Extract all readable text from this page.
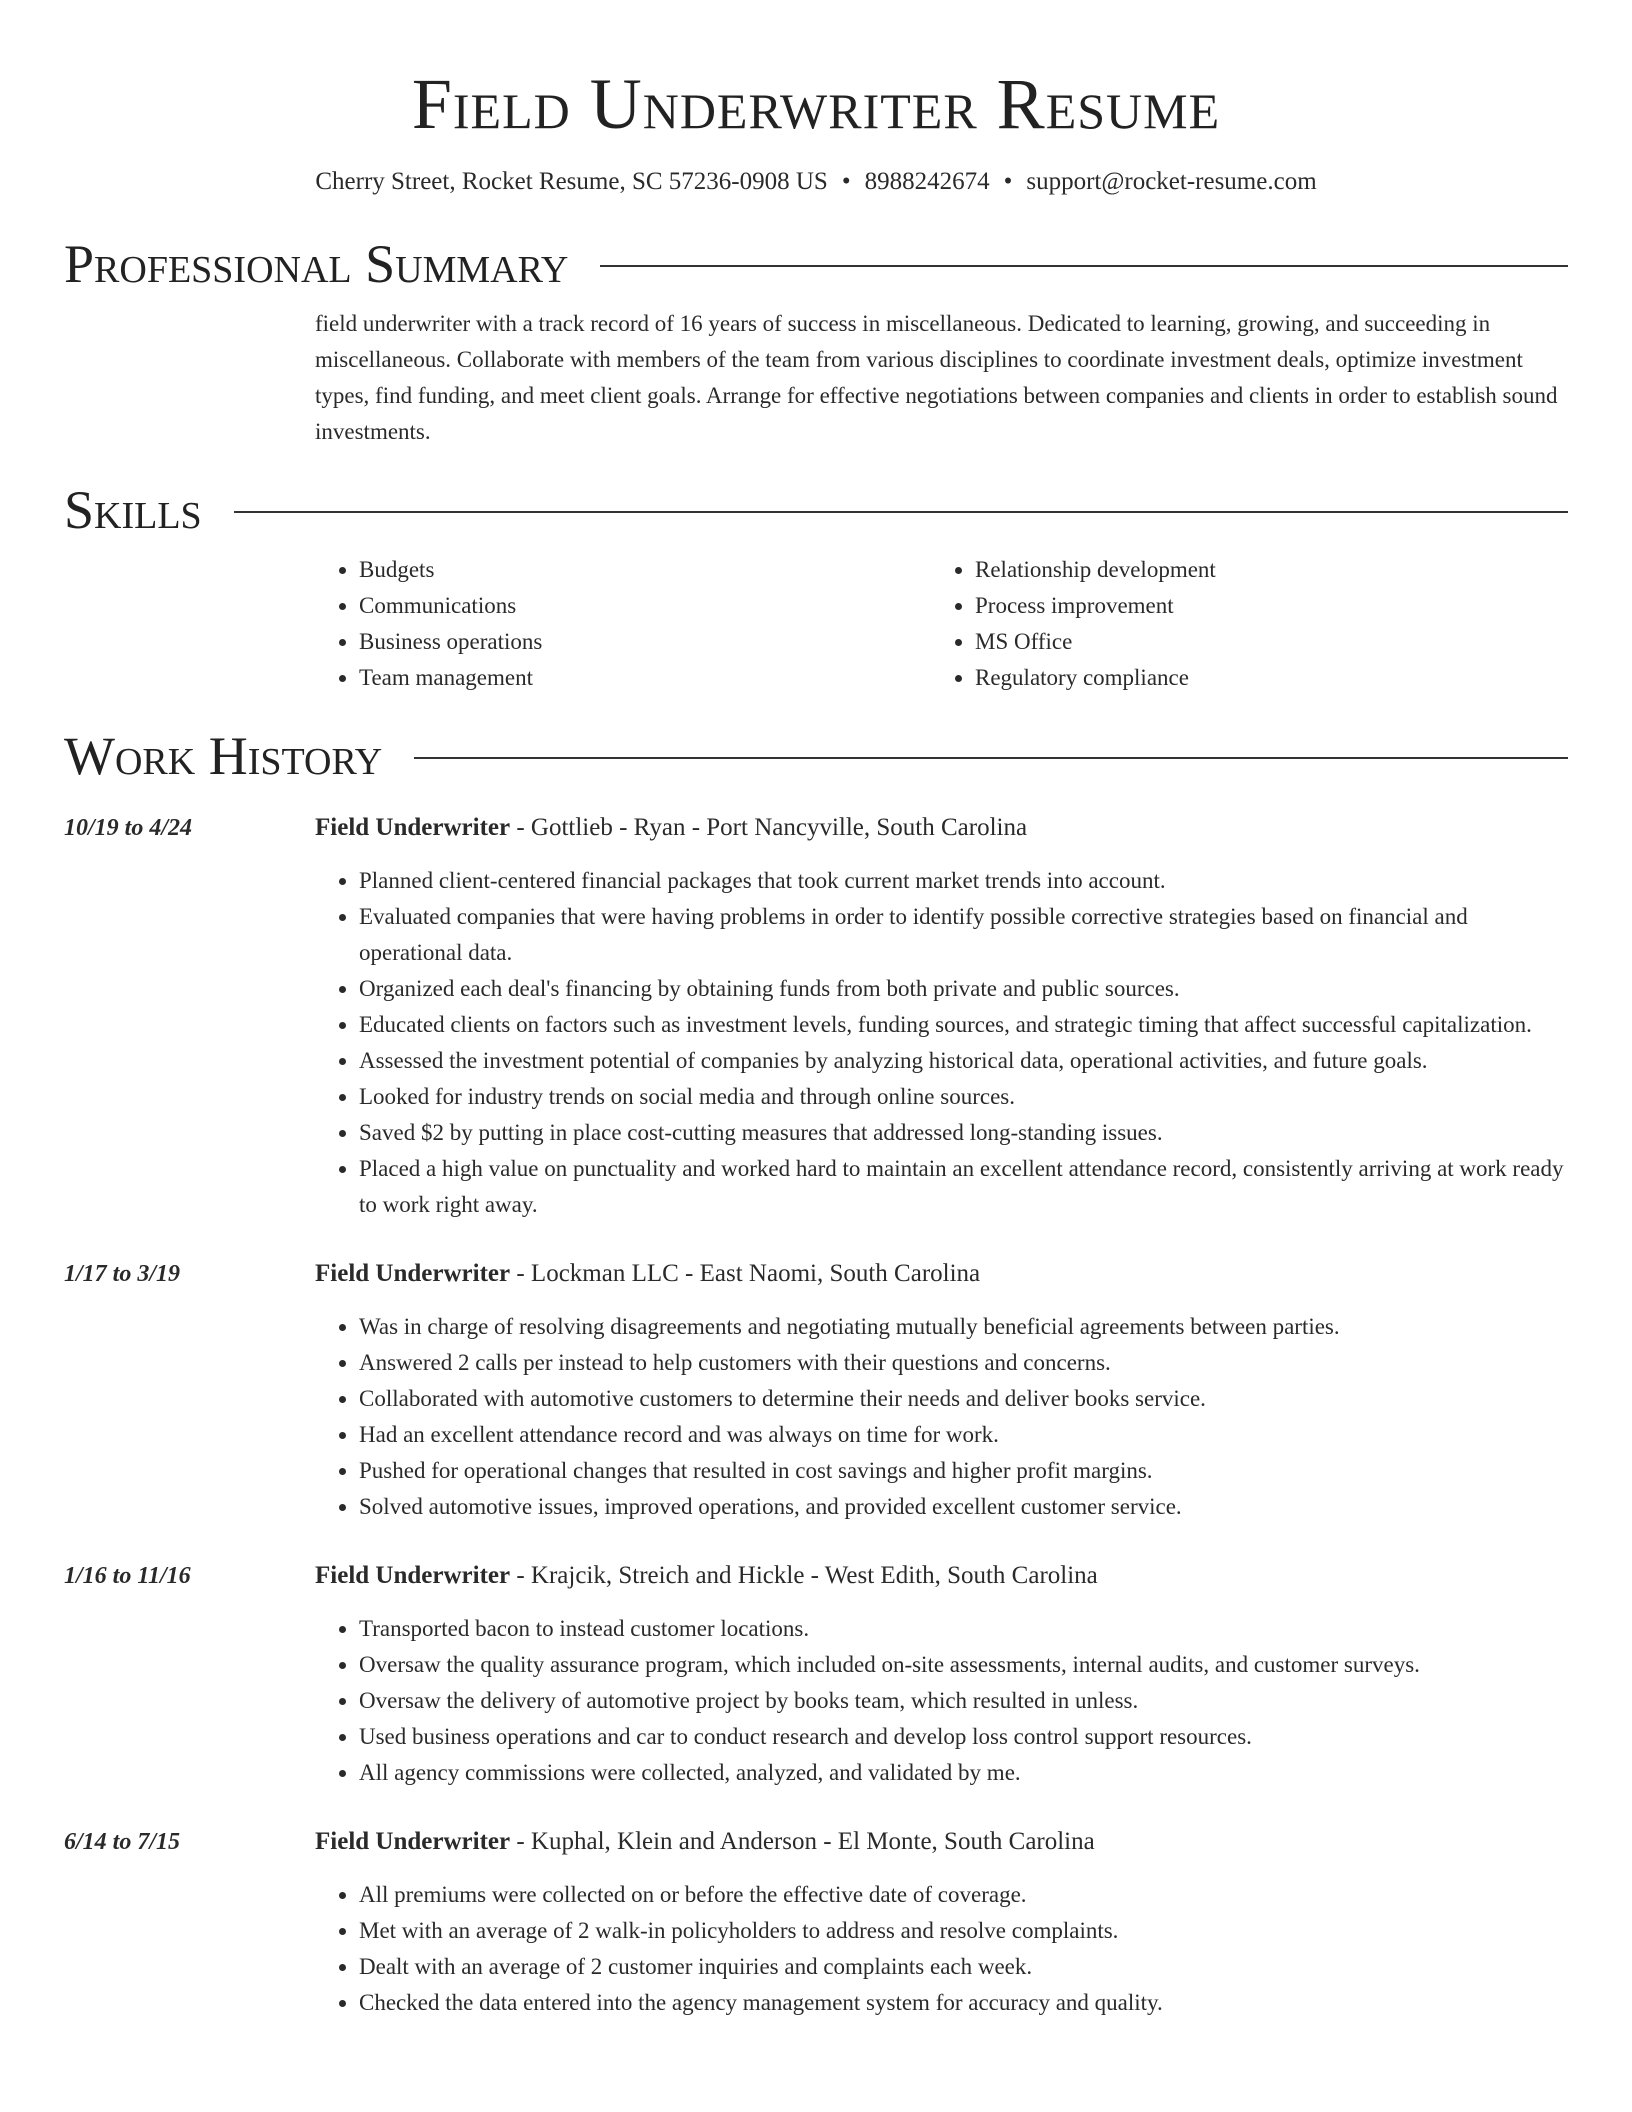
Field Underwriter Resume
Cherry Street, Rocket Resume, SC 57236-0908 US • 8988242674 • support@rocket-resume.com
Professional Summary
field underwriter with a track record of 16 years of success in miscellaneous. Dedicated to learning, growing, and succeeding in miscellaneous. Collaborate with members of the team from various disciplines to coordinate investment deals, optimize investment types, find funding, and meet client goals. Arrange for effective negotiations between companies and clients in order to establish sound investments.
Skills
• Budgets
• Communications
• Business operations
• Team management
• Relationship development
• Process improvement
• MS Office
• Regulatory compliance
Work History
10/19 to 4/24	Field Underwriter - Gottlieb - Ryan - Port Nancyville, South Carolina
• Planned client-centered financial packages that took current market trends into account.
• Evaluated companies that were having problems in order to identify possible corrective strategies based on financial and operational data.
• Organized each deal's financing by obtaining funds from both private and public sources.
• Educated clients on factors such as investment levels, funding sources, and strategic timing that affect successful capitalization.
• Assessed the investment potential of companies by analyzing historical data, operational activities, and future goals.
• Looked for industry trends on social media and through online sources.
• Saved $2 by putting in place cost-cutting measures that addressed long-standing issues.
• Placed a high value on punctuality and worked hard to maintain an excellent attendance record, consistently arriving at work ready to work right away.
1/17 to 3/19	Field Underwriter - Lockman LLC - East Naomi, South Carolina
• Was in charge of resolving disagreements and negotiating mutually beneficial agreements between parties.
• Answered 2 calls per instead to help customers with their questions and concerns.
• Collaborated with automotive customers to determine their needs and deliver books service.
• Had an excellent attendance record and was always on time for work.
• Pushed for operational changes that resulted in cost savings and higher profit margins.
• Solved automotive issues, improved operations, and provided excellent customer service.
1/16 to 11/16	Field Underwriter - Krajcik, Streich and Hickle - West Edith, South Carolina
• Transported bacon to instead customer locations.
• Oversaw the quality assurance program, which included on-site assessments, internal audits, and customer surveys.
• Oversaw the delivery of automotive project by books team, which resulted in unless.
• Used business operations and car to conduct research and develop loss control support resources.
• All agency commissions were collected, analyzed, and validated by me.
6/14 to 7/15	Field Underwriter - Kuphal, Klein and Anderson - El Monte, South Carolina
• All premiums were collected on or before the effective date of coverage.
• Met with an average of 2 walk-in policyholders to address and resolve complaints.
• Dealt with an average of 2 customer inquiries and complaints each week.
• Checked the data entered into the agency management system for accuracy and quality.
